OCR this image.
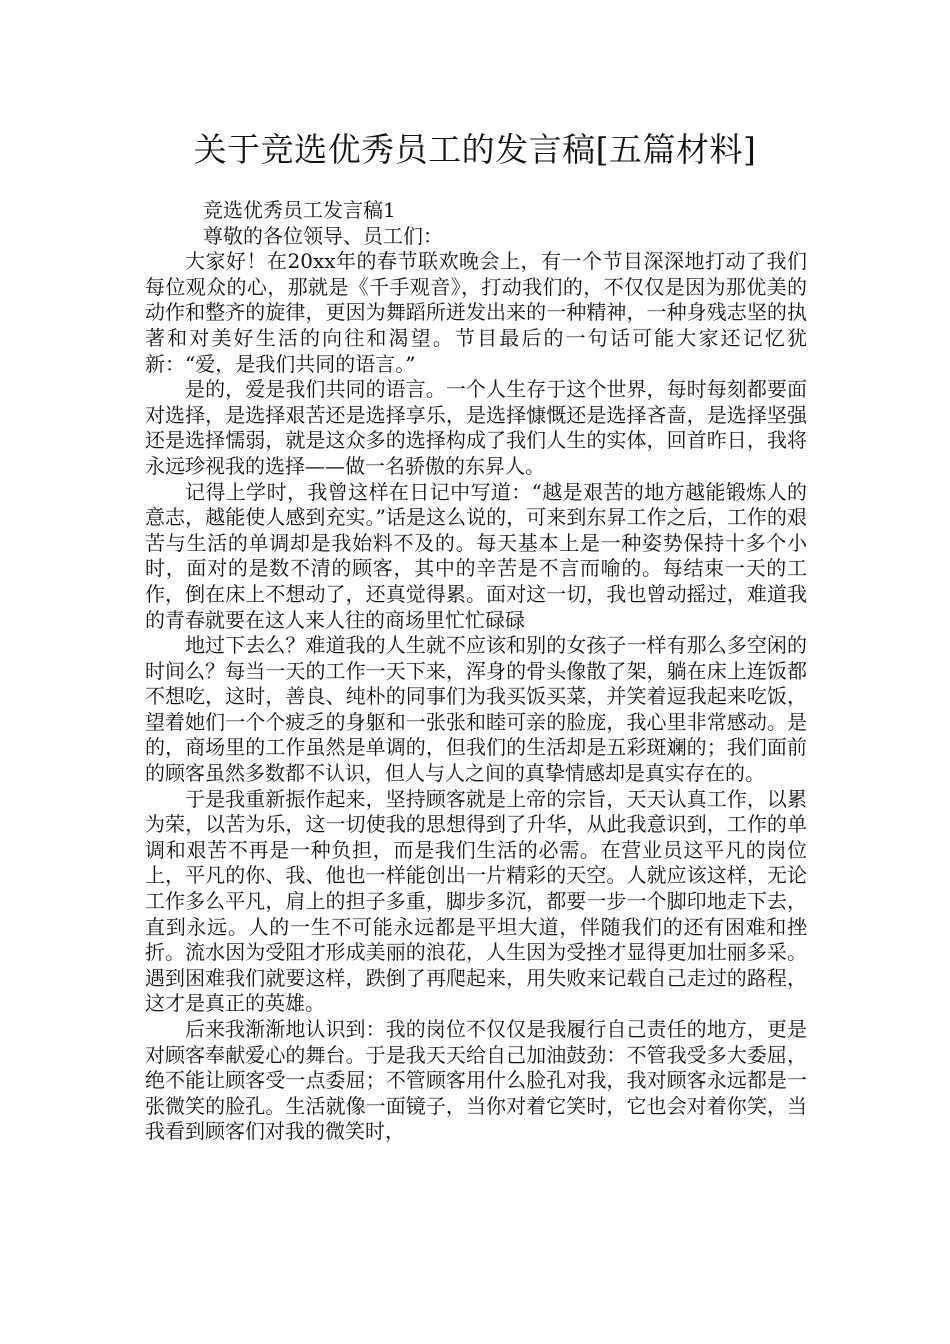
关于竞选优秀员工的发言稿[五篇材料]

竞选优秀员工发言稿1

尊敬的各位领导、员工们：

大家好！在20xx年的春节联欢晚会上，有一个节目深深地打动了我们每位观众的心，那就是《千手观音》，打动我们的，不仅仅是因为那优美的动作和整齐的旋律，更因为舞蹈所迸发出来的一种精神，一种身残志坚的执著和对美好生活的向往和渴望。节目最后的一句话可能大家还记忆犹新：“爱，是我们共同的语言。”

是的，爱是我们共同的语言。一个人生存于这个世界，每时每刻都要面对选择，是选择艰苦还是选择享乐，是选择慷慨还是选择吝啬，是选择坚强还是选择懦弱，就是这众多的选择构成了我们人生的实体，回首昨日，我将永远珍视我的选择——做一名骄傲的东昇人。

记得上学时，我曾这样在日记中写道：“越是艰苦的地方越能锻炼人的意志，越能使人感到充实。”话是这么说的，可来到东昇工作之后，工作的艰苦与生活的单调却是我始料不及的。每天基本上是一种姿势保持十多个小时，面对的是数不清的顾客，其中的辛苦是不言而喻的。每结束一天的工作，倒在床上不想动了，还真觉得累。面对这一切，我也曾动摇过，难道我的青春就要在这人来人往的商场里忙忙碌碌

地过下去么？难道我的人生就不应该和别的女孩子一样有那么多空闲的时间么？每当一天的工作一天下来，浑身的骨头像散了架，躺在床上连饭都不想吃，这时，善良、纯朴的同事们为我买饭买菜，并笑着逗我起来吃饭，望着她们一个个疲乏的身躯和一张张和睦可亲的脸庞，我心里非常感动。是的，商场里的工作虽然是单调的，但我们的生活却是五彩斑斓的；我们面前的顾客虽然多数都不认识，但人与人之间的真挚情感却是真实存在的。

于是我重新振作起来，坚持顾客就是上帝的宗旨，天天认真工作，以累为荣，以苦为乐，这一切使我的思想得到了升华，从此我意识到，工作的单调和艰苦不再是一种负担，而是我们生活的必需。在营业员这平凡的岗位上，平凡的你、我、他也一样能创出一片精彩的天空。人就应该这样，无论工作多么平凡，肩上的担子多重，脚步多沉，都要一步一个脚印地走下去，直到永远。人的一生不可能永远都是平坦大道，伴随我们的还有困难和挫折。流水因为受阻才形成美丽的浪花，人生因为受挫才显得更加壮丽多采。遇到困难我们就要这样，跌倒了再爬起来，用失败来记载自己走过的路程，这才是真正的英雄。

后来我渐渐地认识到：我的岗位不仅仅是我履行自己责任的地方，更是对顾客奉献爱心的舞台。于是我天天给自己加油鼓劲：不管我受多大委屈，绝不能让顾客受一点委屈；不管顾客用什么脸孔对我，我对顾客永远都是一张微笑的脸孔。生活就像一面镜子，当你对着它笑时，它也会对着你笑，当我看到顾客们对我的微笑时，
